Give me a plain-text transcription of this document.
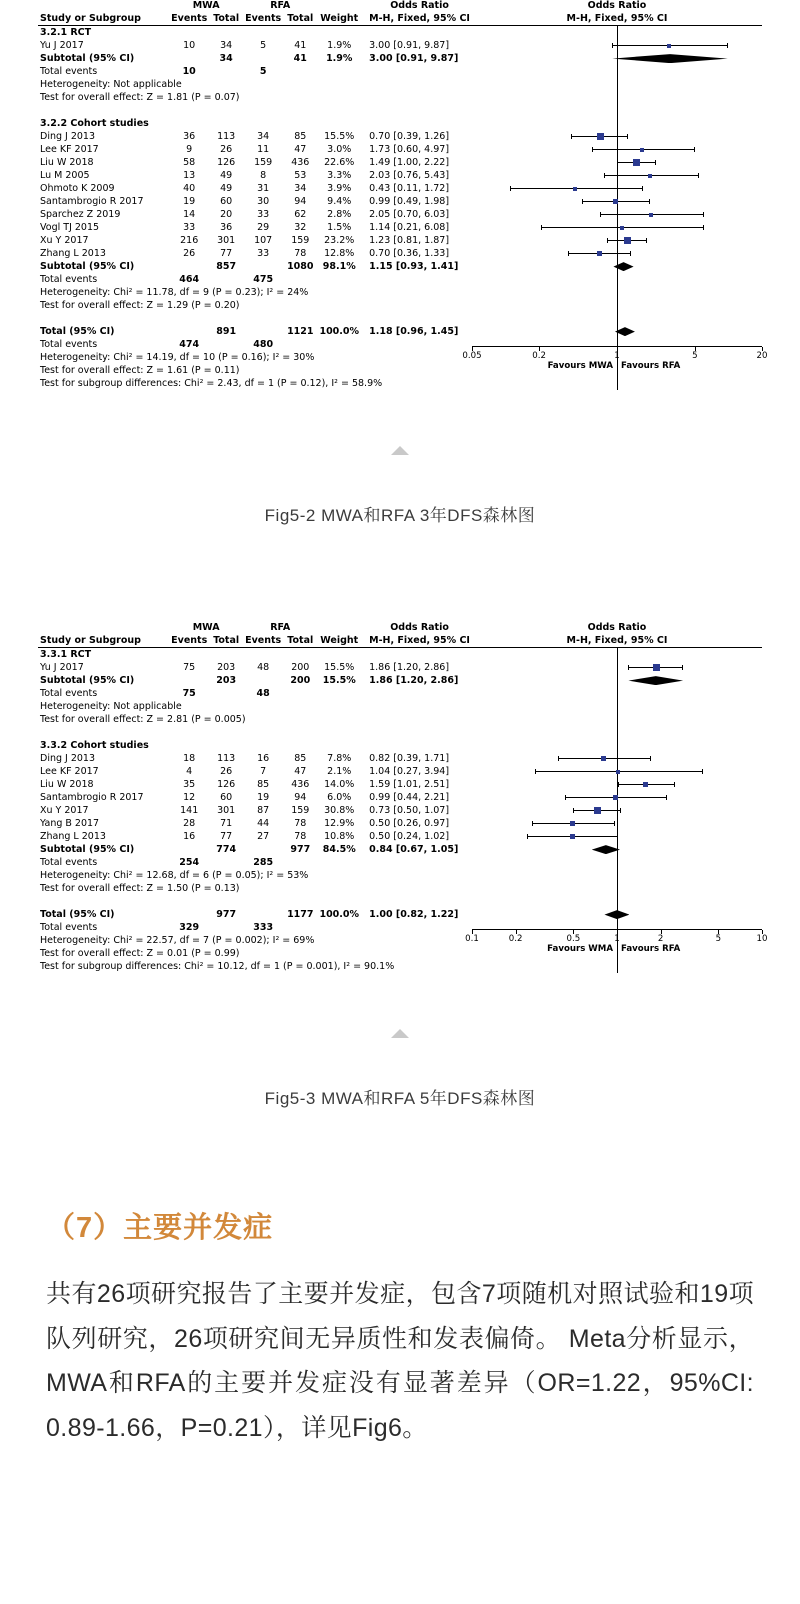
	MWA		RFA			Odds Ratio	Odds Ratio
Study or Subgroup	Events	Total	Events	Total	Weight	M-H, Fixed, 95% CI	M-H, Fixed, 95% CI
3.2.1 RCT							

Yu J 2017	10	34	5	41	1.9%	3.00 [0.91, 9.87]	

Subtotal (95% CI)		34		41	1.9%	3.00 [0.91, 9.87]	

Total events	10		5				

Heterogeneity: Not applicable							

Test for overall effect: Z = 1.81 (P = 0.07)							

3.2.2 Cohort studies							

Ding J 2013	36	113	34	85	15.5%	0.70 [0.39, 1.26]	

Lee KF 2017	9	26	11	47	3.0%	1.73 [0.60, 4.97]	

Liu W 2018	58	126	159	436	22.6%	1.49 [1.00, 2.22]	

Lu M 2005	13	49	8	53	3.3%	2.03 [0.76, 5.43]	

Ohmoto K 2009	40	49	31	34	3.9%	0.43 [0.11, 1.72]	

Santambrogio R 2017	19	60	30	94	9.4%	0.99 [0.49, 1.98]	

Sparchez Z 2019	14	20	33	62	2.8%	2.05 [0.70, 6.03]	

Vogl TJ 2015	33	36	29	32	1.5%	1.14 [0.21, 6.08]	

Xu Y 2017	216	301	107	159	23.2%	1.23 [0.81, 1.87]	

Zhang L 2013	26	77	33	78	12.8%	0.70 [0.36, 1.33]	

Subtotal (95% CI)		857		1080	98.1%	1.15 [0.93, 1.41]	

Total events	464		475				

Heterogeneity: Chi² = 11.78, df = 9 (P = 0.23); I² = 24%							

Test for overall effect: Z = 1.29 (P = 0.20)							

Total (95% CI)		891		1121	100.0%	1.18 [0.96, 1.45]	

Total events	474		480				

Heterogeneity: Chi² = 14.19, df = 10 (P = 0.16); I² = 30%							

Test for overall effect: Z = 1.61 (P = 0.11)							

Test for subgroup differences: Chi² = 2.43, df = 1 (P = 0.12), I² = 58.9%							
0.05	0.2	1	5	20
Favours MWA Favours RFA
Fig5-2 MWA和RFA 3年DFS森林图
	MWA		RFA			Odds Ratio	Odds Ratio
Study or Subgroup	Events	Total	Events	Total	Weight	M-H, Fixed, 95% CI	M-H, Fixed, 95% CI
3.3.1 RCT							

Yu J 2017	75	203	48	200	15.5%	1.86 [1.20, 2.86]	

Subtotal (95% CI)		203		200	15.5%	1.86 [1.20, 2.86]	

Total events	75		48				

Heterogeneity: Not applicable							

Test for overall effect: Z = 2.81 (P = 0.005)							

3.3.2 Cohort studies							

Ding J 2013	18	113	16	85	7.8%	0.82 [0.39, 1.71]	

Lee KF 2017	4	26	7	47	2.1%	1.04 [0.27, 3.94]	

Liu W 2018	35	126	85	436	14.0%	1.59 [1.01, 2.51]	

Santambrogio R 2017	12	60	19	94	6.0%	0.99 [0.44, 2.21]	

Xu Y 2017	141	301	87	159	30.8%	0.73 [0.50, 1.07]	

Yang B 2017	28	71	44	78	12.9%	0.50 [0.26, 0.97]	

Zhang L 2013	16	77	27	78	10.8%	0.50 [0.24, 1.02]	

Subtotal (95% CI)		774		977	84.5%	0.84 [0.67, 1.05]	

Total events	254		285				

Heterogeneity: Chi² = 12.68, df = 6 (P = 0.05); I² = 53%							

Test for overall effect: Z = 1.50 (P = 0.13)							

Total (95% CI)		977		1177	100.0%	1.00 [0.82, 1.22]	

Total events	329		333				

Heterogeneity: Chi² = 22.57, df = 7 (P = 0.002); I² = 69%							

Test for overall effect: Z = 0.01 (P = 0.99)							

Test for subgroup differences: Chi² = 10.12, df = 1 (P = 0.001), I² = 90.1%							
0.1	0.2	0.5	1	2	5	10
Favours WMA Favours RFA
Fig5-3 MWA和RFA 5年DFS森林图
（7）主要并发症

共有26项研究报告了主要并发症，包含7项随机对照试验和19项队列研究，26项研究间无异质性和发表偏倚。 Meta分析显示，MWA和RFA的主要并发症没有显著差异（OR=1.22，95%CI: 0.89-1.66，P=0.21），详见Fig6。
